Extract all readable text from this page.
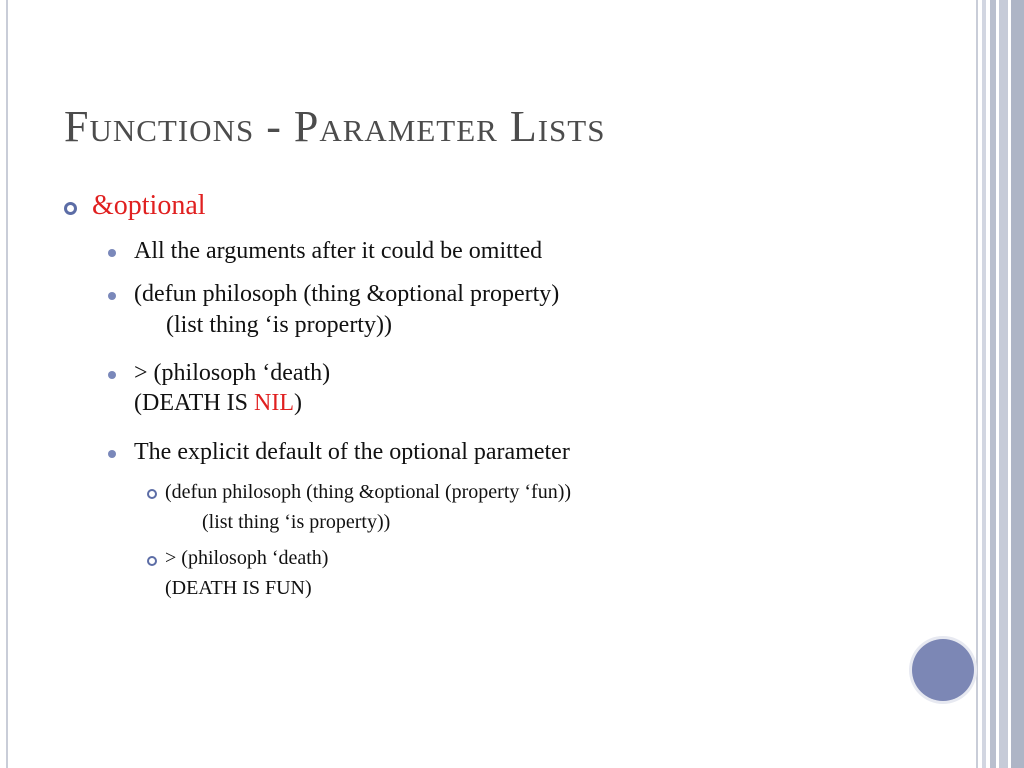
Functions - Parameter Lists
&optional
All the arguments after it could be omitted
(defun philosoph (thing &optional property)
(list thing ‘is property))
> (philosoph ‘death)
(DEATH IS NIL)
The explicit default of the optional parameter
(defun philosoph (thing &optional (property ‘fun))
(list thing ‘is property))
> (philosoph ‘death)
(DEATH IS FUN)
